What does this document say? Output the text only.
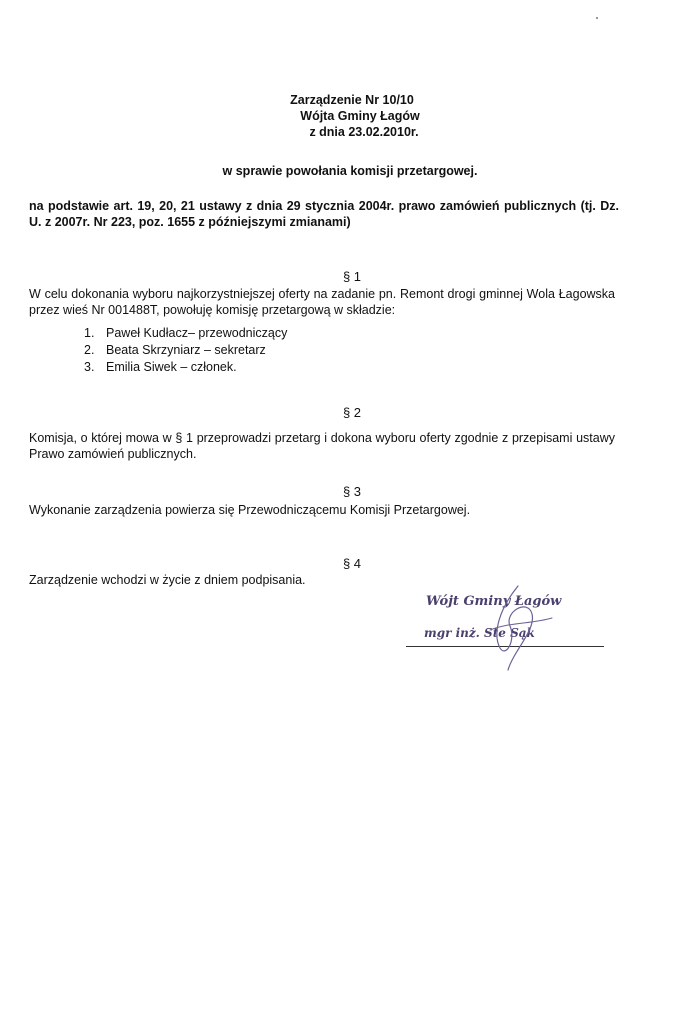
Zarządzenie Nr 10/10
Wójta Gminy Łagów
z dnia 23.02.2010r.
w sprawie powołania komisji przetargowej.
na podstawie art. 19, 20, 21 ustawy z dnia 29 stycznia 2004r. prawo zamówień publicznych (tj. Dz. U. z 2007r. Nr 223, poz. 1655 z późniejszymi zmianami)
§ 1
W celu dokonania wyboru najkorzystniejszej oferty na zadanie pn. Remont drogi gminnej Wola Łagowska przez wieś Nr 001488T, powołuję komisję przetargową w składzie:
1. Paweł Kudłacz– przewodniczący
2. Beata Skrzyniarz – sekretarz
3. Emilia Siwek – członek.
§ 2
Komisja, o której mowa w § 1 przeprowadzi przetarg i dokona wyboru oferty zgodnie z przepisami ustawy Prawo zamówień publicznych.
§ 3
Wykonanie zarządzenia powierza się Przewodniczącemu Komisji Przetargowej.
§ 4
Zarządzenie wchodzi w życie z dniem podpisania.
Wójt Gminy Łagów
mgr inż. Ste Sąk
